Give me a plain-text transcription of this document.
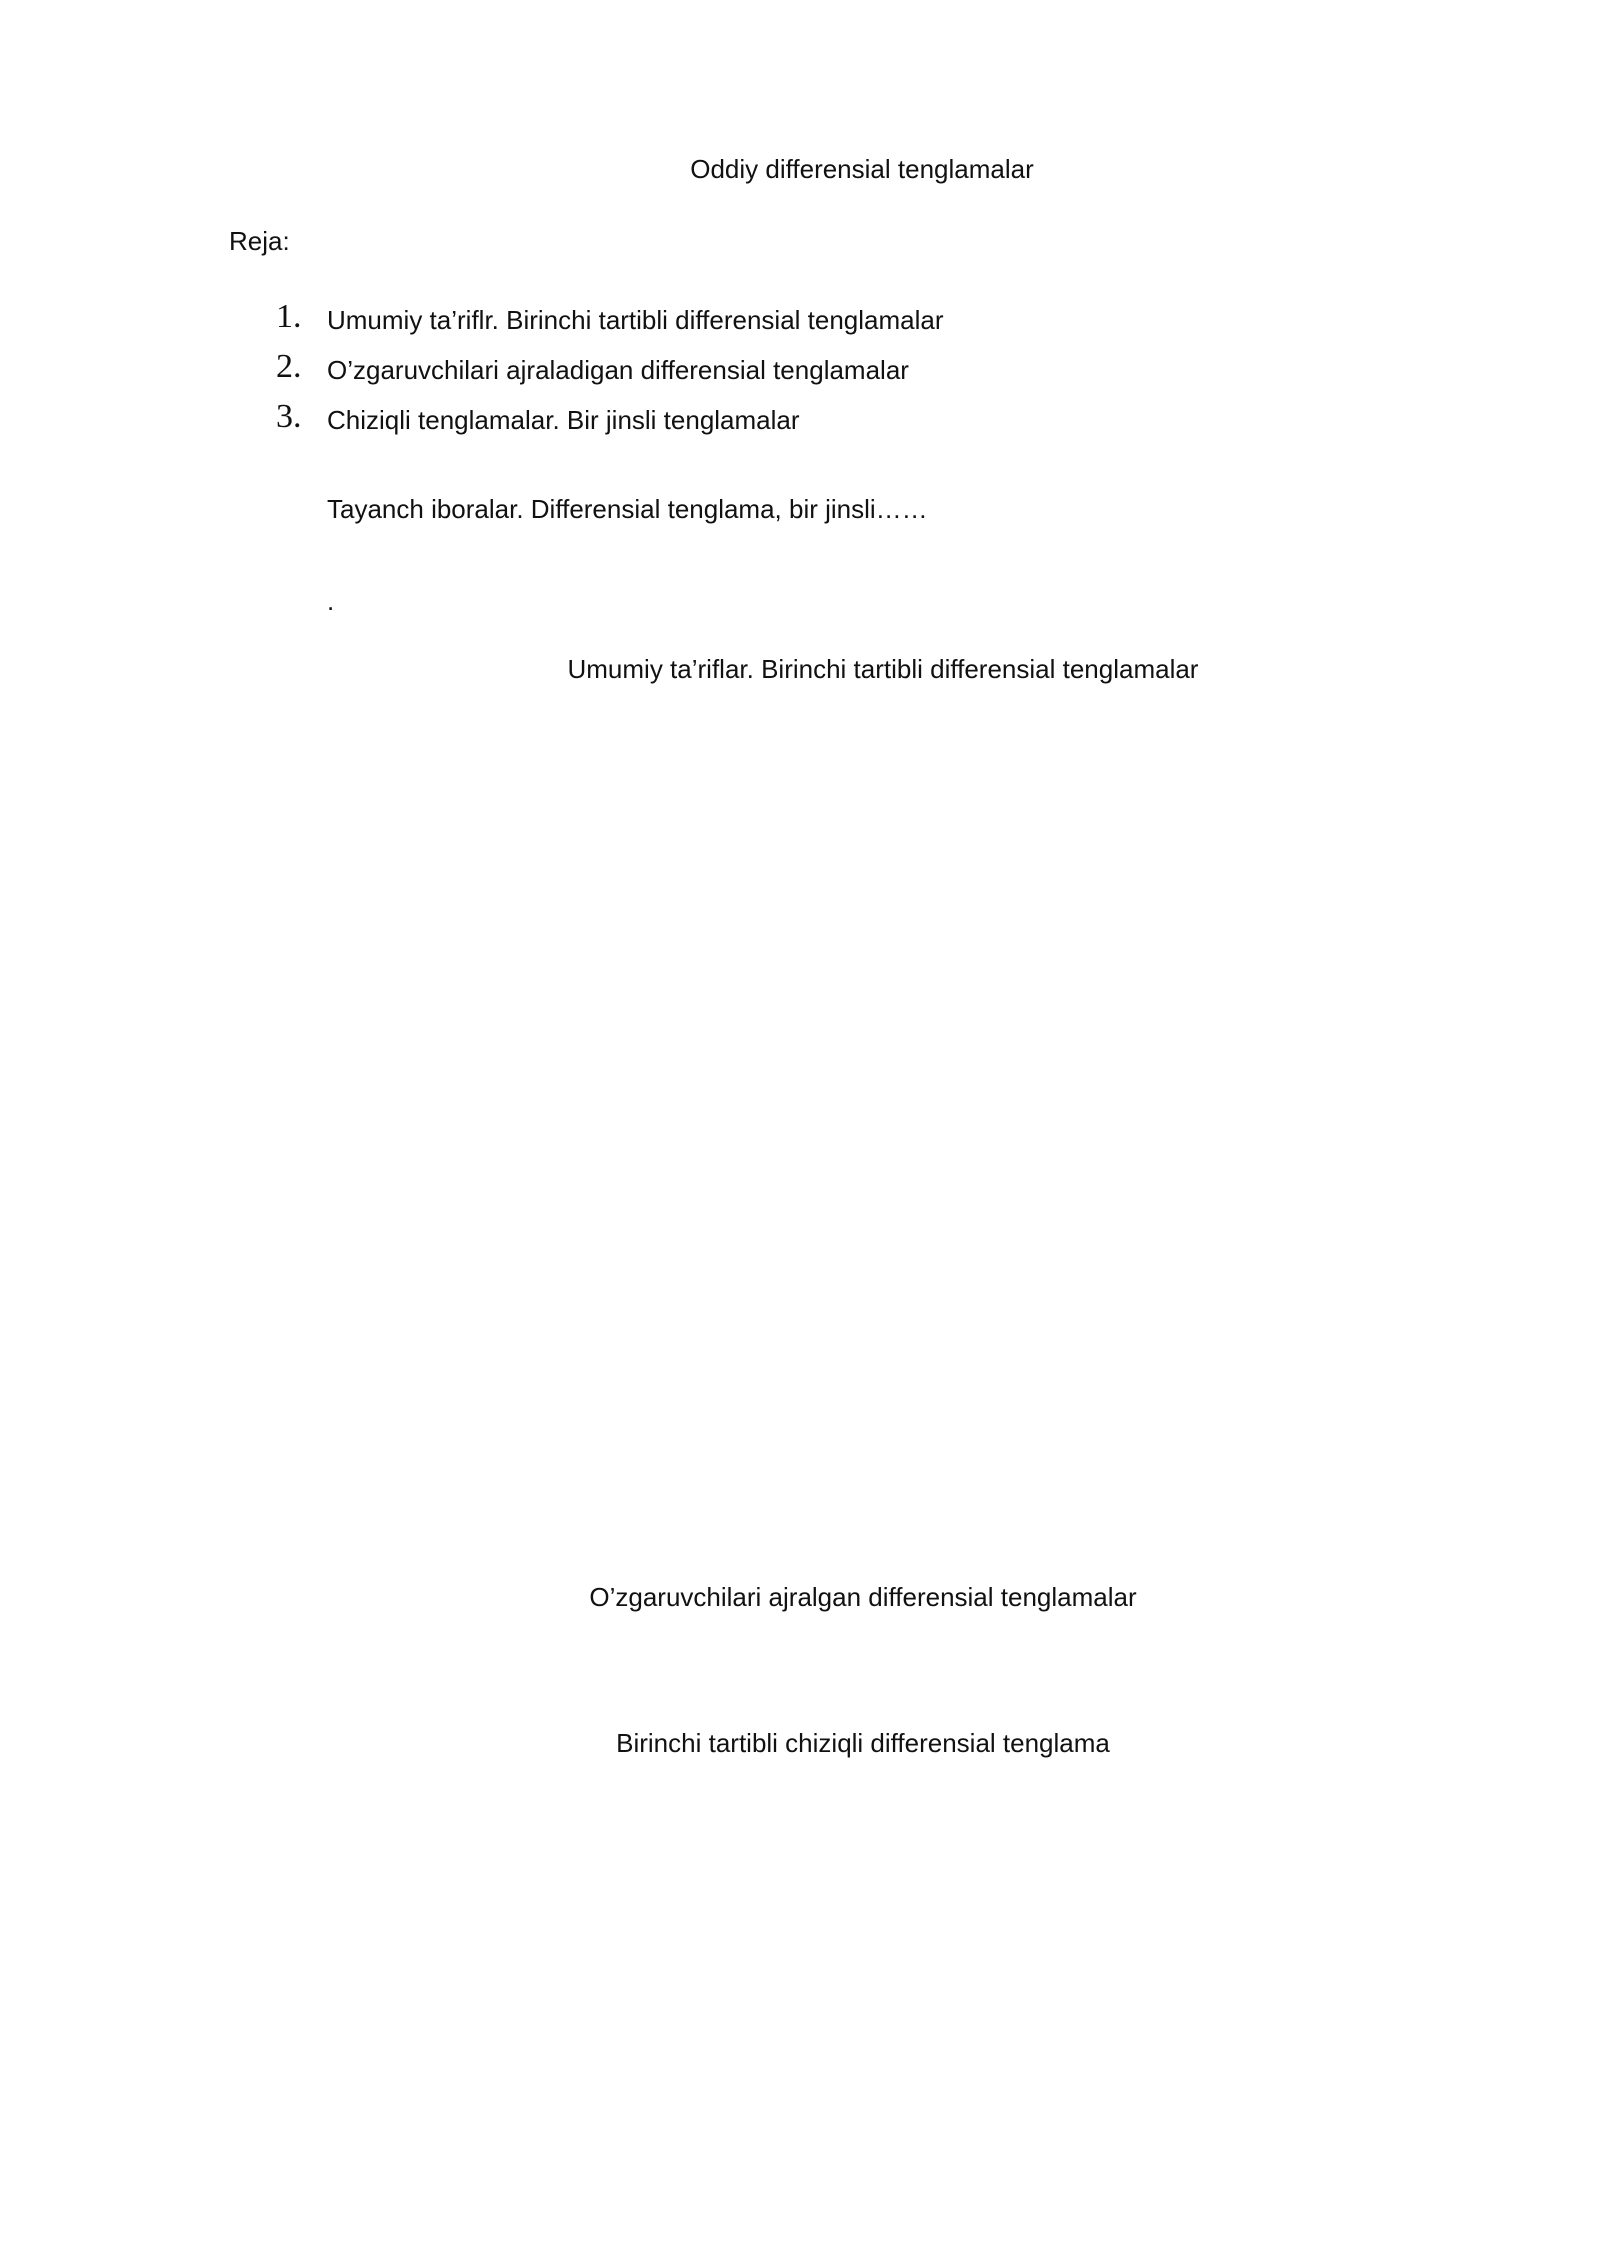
Oddiy differensial tenglamalar
Reja:
1. Umumiy ta’riflr. Birinchi tartibli differensial tenglamalar
2. O’zgaruvchilari ajraladigan differensial tenglamalar
3. Chiziqli tenglamalar. Bir jinsli tenglamalar
Tayanch iboralar. Differensial tenglama, bir jinsli……
.
Umumiy ta’riflar. Birinchi tartibli differensial tenglamalar
O’zgaruvchilari ajralgan differensial tenglamalar
Birinchi tartibli chiziqli differensial tenglama
